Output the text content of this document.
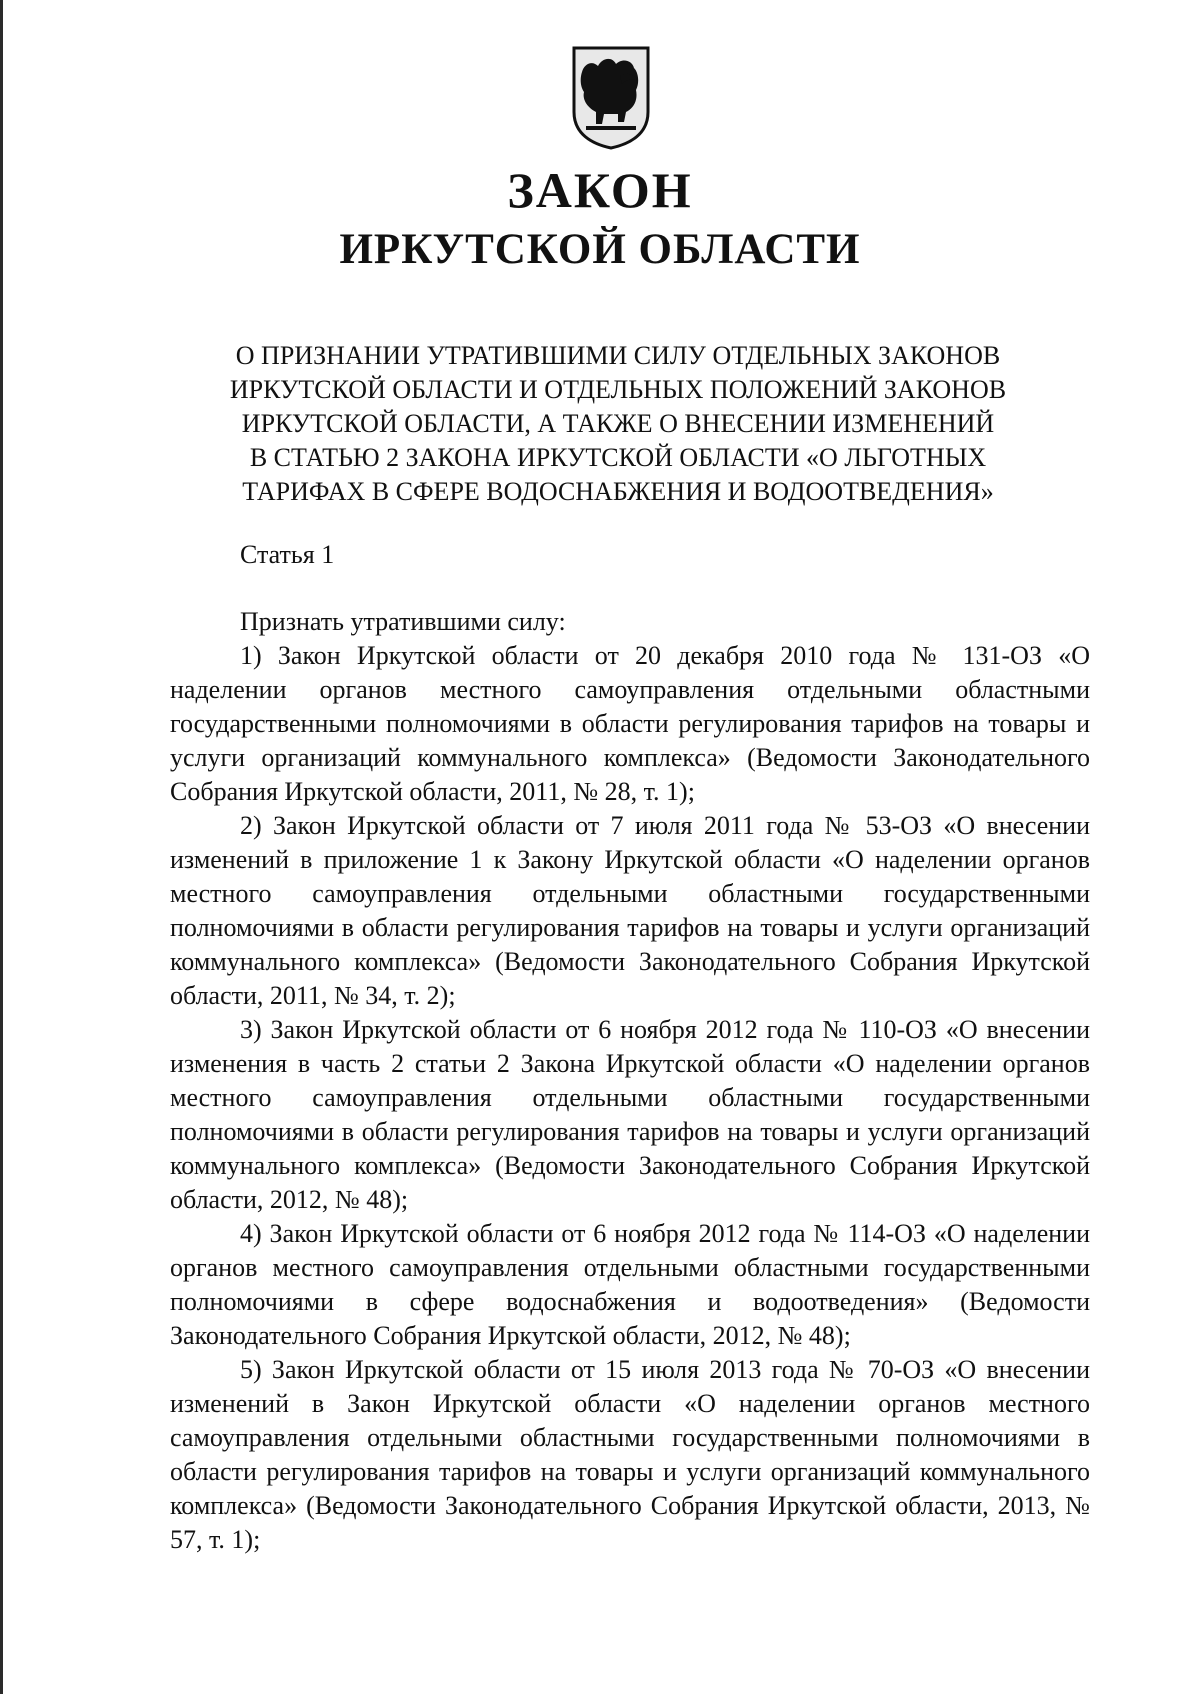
ЗАКОН
ИРКУТСКОЙ ОБЛАСТИ
О ПРИЗНАНИИ УТРАТИВШИМИ СИЛУ ОТДЕЛЬНЫХ ЗАКОНОВ
ИРКУТСКОЙ ОБЛАСТИ И ОТДЕЛЬНЫХ ПОЛОЖЕНИЙ ЗАКОНОВ
ИРКУТСКОЙ ОБЛАСТИ, А ТАКЖЕ О ВНЕСЕНИИ ИЗМЕНЕНИЙ
В СТАТЬЮ 2 ЗАКОНА ИРКУТСКОЙ ОБЛАСТИ «О ЛЬГОТНЫХ
ТАРИФАХ В СФЕРЕ ВОДОСНАБЖЕНИЯ И ВОДООТВЕДЕНИЯ»
Статья 1
Признать утратившими силу:
1) Закон Иркутской области от 20 декабря 2010 года № 131-ОЗ «О наделении органов местного самоуправления отдельными областными государственными полномочиями в области регулирования тарифов на товары и услуги организаций коммунального комплекса» (Ведомости Законодательного Собрания Иркутской области, 2011, № 28, т. 1);
2) Закон Иркутской области от 7 июля 2011 года № 53-ОЗ «О внесении изменений в приложение 1 к Закону Иркутской области «О наделении органов местного самоуправления отдельными областными государственными полномочиями в области регулирования тарифов на товары и услуги организаций коммунального комплекса» (Ведомости Законодательного Собрания Иркутской области, 2011, № 34, т. 2);
3) Закон Иркутской области от 6 ноября 2012 года № 110-ОЗ «О внесении изменения в часть 2 статьи 2 Закона Иркутской области «О наделении органов местного самоуправления отдельными областными государственными полномочиями в области регулирования тарифов на товары и услуги организаций коммунального комплекса» (Ведомости Законодательного Собрания Иркутской области, 2012, № 48);
4) Закон Иркутской области от 6 ноября 2012 года № 114-ОЗ «О наделении органов местного самоуправления отдельными областными государственными полномочиями в сфере водоснабжения и водоотведения» (Ведомости Законодательного Собрания Иркутской области, 2012, № 48);
5) Закон Иркутской области от 15 июля 2013 года № 70-ОЗ «О внесении изменений в Закон Иркутской области «О наделении органов местного самоуправления отдельными областными государственными полномочиями в области регулирования тарифов на товары и услуги организаций коммунального комплекса» (Ведомости Законодательного Собрания Иркутской области, 2013, № 57, т. 1);
